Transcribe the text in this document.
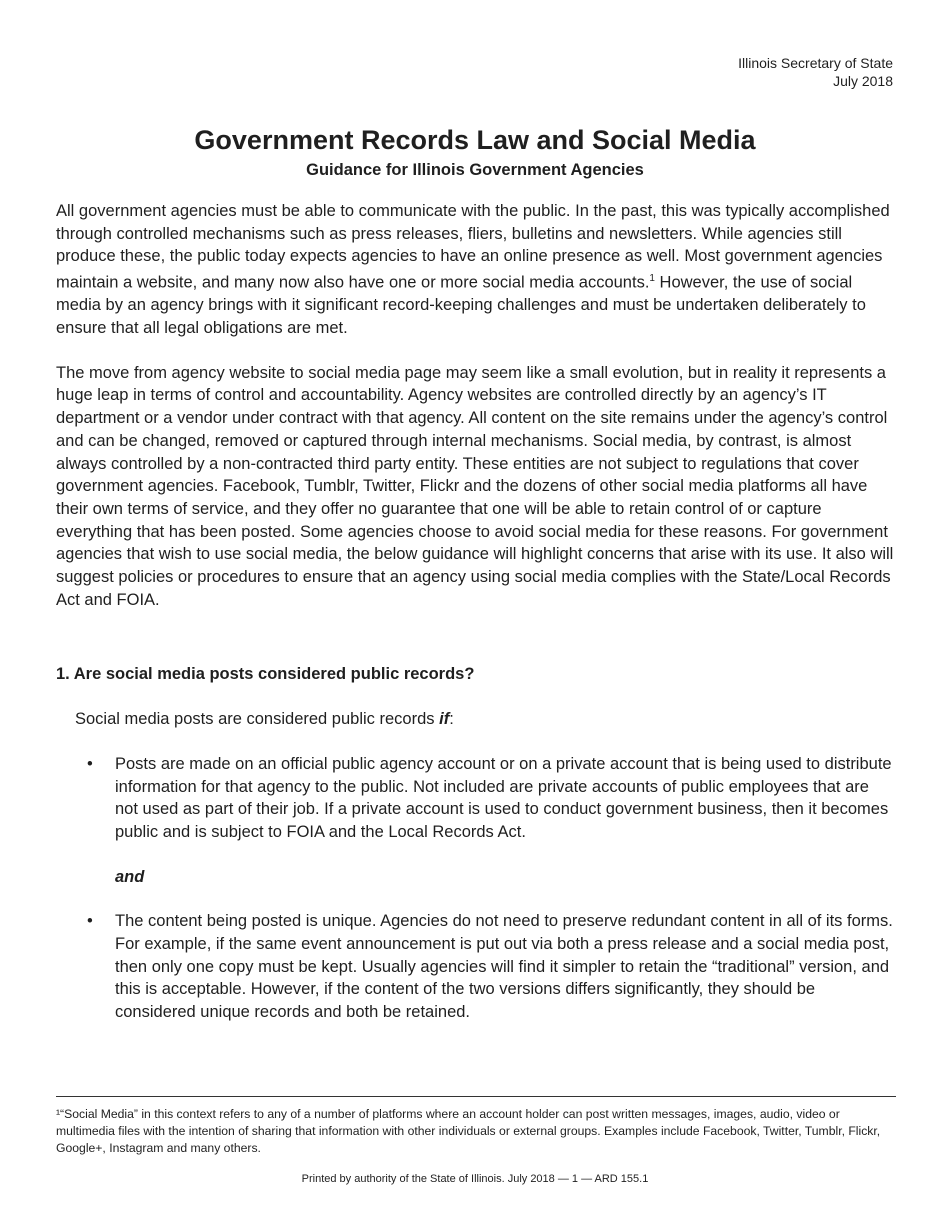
Illinois Secretary of State
July 2018
Government Records Law and Social Media
Guidance for Illinois Government Agencies

All government agencies must be able to communicate with the public. In the past, this was typically accomplished through controlled mechanisms such as press releases, fliers, bulletins and newsletters. While agencies still produce these, the public today expects agencies to have an online presence as well. Most government agencies maintain a website, and many now also have one or more social media accounts.$^1$ However, the use of social media by an agency brings with it significant record-keeping challenges and must be undertaken deliberately to ensure that all legal obligations are met.

The move from agency website to social media page may seem like a small evolution, but in reality it represents a huge leap in terms of control and accountability. Agency websites are controlled directly by an agency’s IT department or a vendor under contract with that agency. All content on the site remains under the agency’s control and can be changed, removed or captured through internal mechanisms. Social media, by contrast, is almost always controlled by a non-contracted third party entity. These entities are not subject to regulations that cover government agencies. Facebook, Tumblr, Twitter, Flickr and the dozens of other social media platforms all have their own terms of service, and they offer no guarantee that one will be able to retain control of or capture everything that has been posted. Some agencies choose to avoid social media for these reasons. For government agencies that wish to use social media, the below guidance will highlight concerns that arise with its use. It also will suggest policies or procedures to ensure that an agency using social media complies with the State/Local Records Act and FOIA.

1. Are social media posts considered public records?

Social media posts are considered public records if:

• Posts are made on an official public agency account or on a private account that is being used to distribute information for that agency to the public. Not included are private accounts of public employees that are not used as part of their job. If a private account is used to conduct government business, then it becomes public and is subject to FOIA and the Local Records Act.

and

• The content being posted is unique. Agencies do not need to preserve redundant content in all of its forms. For example, if the same event announcement is put out via both a press release and a social media post, then only one copy must be kept. Usually agencies will find it simpler to retain the “traditional” version, and this is acceptable. However, if the content of the two versions differs significantly, they should be considered unique records and both be retained.
¹“Social Media” in this context refers to any of a number of platforms where an account holder can post written messages, images, audio, video or multimedia files with the intention of sharing that information with other individuals or external groups. Examples include Facebook, Twitter, Tumblr, Flickr, Google+, Instagram and many others.
Printed by authority of the State of Illinois. July 2018 — 1 — ARD 155.1
